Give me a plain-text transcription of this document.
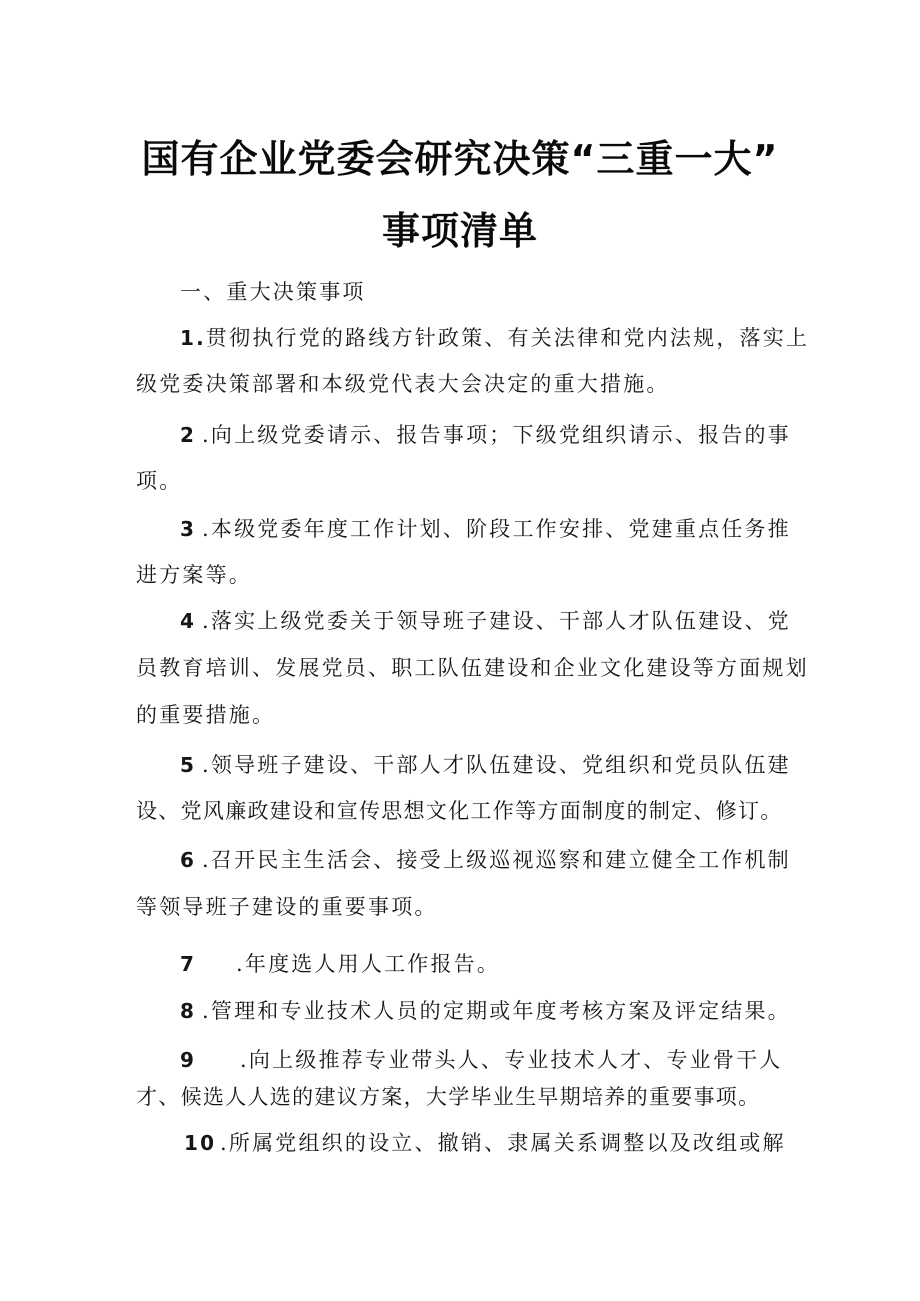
国有企业党委会研究决策“三重一大”
事项清单
一、重大决策事项
1.贯彻执行党的路线方针政策、有关法律和党内法规，落实上
级党委决策部署和本级党代表大会决定的重大措施。
2 .向上级党委请示、报告事项；下级党组织请示、报告的事
项。
3 .本级党委年度工作计划、阶段工作安排、党建重点任务推
进方案等。
4 .落实上级党委关于领导班子建设、干部人才队伍建设、党
员教育培训、发展党员、职工队伍建设和企业文化建设等方面规划
的重要措施。
5 .领导班子建设、干部人才队伍建设、党组织和党员队伍建
设、党风廉政建设和宣传思想文化工作等方面制度的制定、修订。
6 .召开民主生活会、接受上级巡视巡察和建立健全工作机制
等领导班子建设的重要事项。
7 .年度选人用人工作报告。
8 .管理和专业技术人员的定期或年度考核方案及评定结果。
9 .向上级推荐专业带头人、专业技术人才、专业骨干人
才、候选人人选的建议方案，大学毕业生早期培养的重要事项。
10 .所属党组织的设立、撤销、隶属关系调整以及改组或解
